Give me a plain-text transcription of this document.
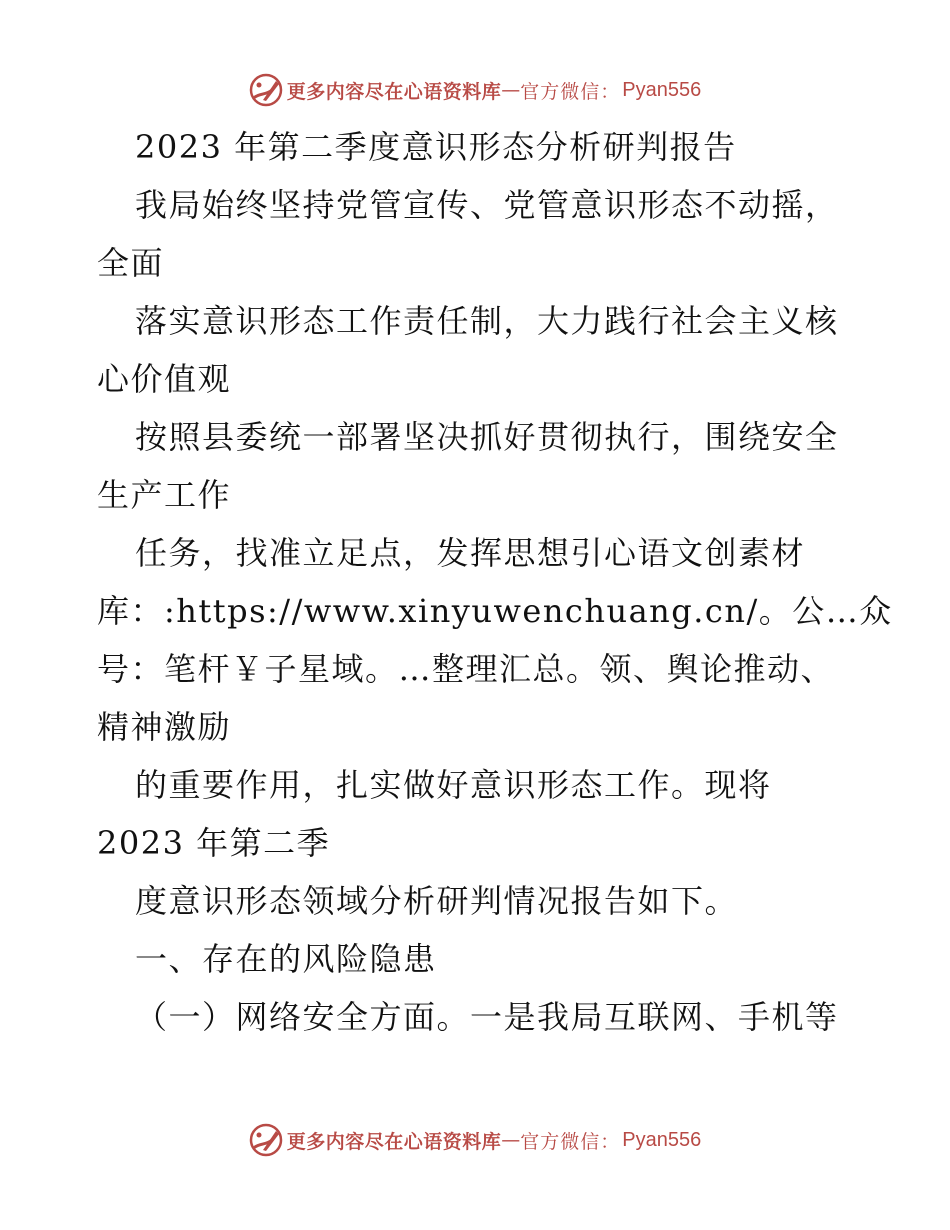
更多内容尽在心语资料库 — 官方微信： Pyan556
2023 年第二季度意识形态分析研判报告
我局始终坚持党管宣传、党管意识形态不动摇，
全面
落实意识形态工作责任制，大力践行社会主义核
心价值观
按照县委统一部署坚决抓好贯彻执行，围绕安全
生产工作
任务，找准立足点，发挥思想引心语文创素材
库：:https://www.xinyuwenchuang.cn/。公…众
号：笔杆￥子星域。…整理汇总。领、舆论推动、
精神激励
的重要作用，扎实做好意识形态工作。现将
2023 年第二季
度意识形态领域分析研判情况报告如下。
一、存在的风险隐患
（一）网络安全方面。一是我局互联网、手机等
更多内容尽在心语资料库 — 官方微信： Pyan556
